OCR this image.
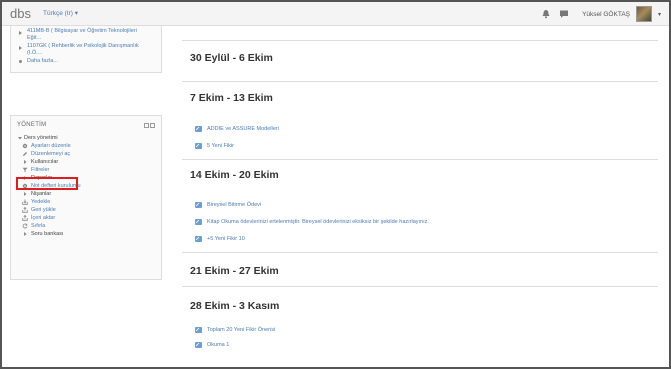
dbs Türkçe (tr) ▾	Yüksel GÖKTAŞ	▾
411MB-B ( Bilgisayar ve Öğretim Teknolojileri
Eğit...
1107GK ( Rehberlik ve Psikolojik Danışmanlık
(I.Ö....
Daha fazla...
YÖNETİM
Ders yönetimi
Ayarları düzenle
Düzenlemeyi aç
Kullanıcılar
Filtreler
Raporlar
Not defteri kurulumu
Nişanlar
Yedekle
Geri yükle
İçeri aktar
Sıfırla
Soru bankası
30 Eylül - 6 Ekim
7 Ekim - 13 Ekim
ADDIE ve ASSURE Modelleri
5 Yeni Fikir
14 Ekim - 20 Ekim
Bireysel Bitirme Ödevi
Kitap Okuma ödevlerinizi ertelenmiştir. Bireysel ödevlerinizi eksiksiz bir şekilde hazırlayınız.
+5 Yeni Fikir 10
21 Ekim - 27 Ekim
28 Ekim - 3 Kasım
Toplam 20 Yeni Fikir Önerisi
Okuma 1
